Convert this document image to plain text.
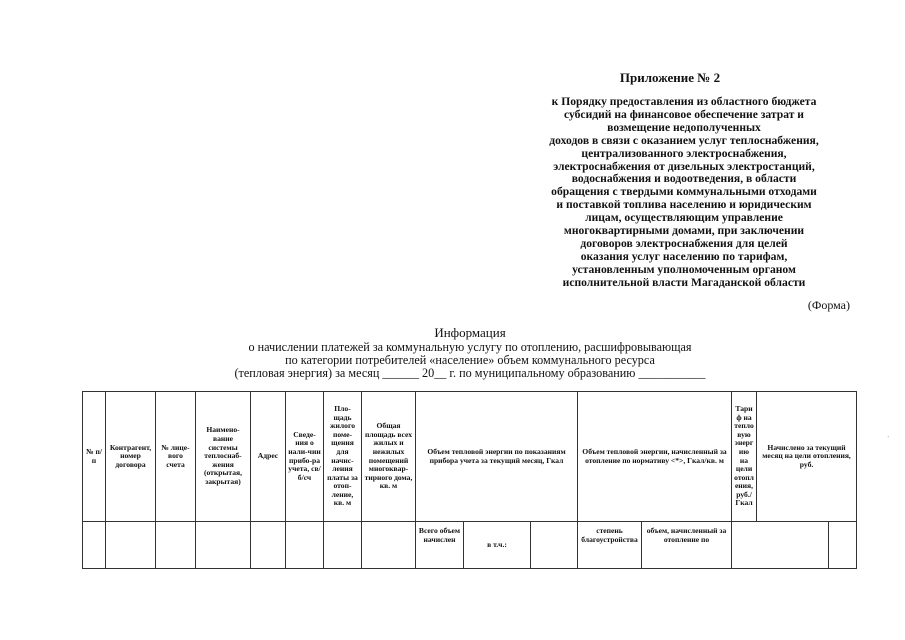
Приложение № 2
к Порядку предоставления из областного бюджета
субсидий на финансовое обеспечение затрат и
возмещение недополученных
доходов в связи с оказанием услуг теплоснабжения,
централизованного электроснабжения,
электроснабжения от дизельных электростанций,
водоснабжения и водоотведения, в области
обращения с твердыми коммунальными отходами
и поставкой топлива населению и юридическим
лицам, осуществляющим управление
многоквартирными домами, при заключении
договоров электроснабжения для целей
оказания услуг населению по тарифам,
установленным уполномоченным органом
исполнительной власти Магаданской области
(Форма)
Информация
о начислении платежей за коммунальную услугу по отоплению, расшифровывающая
по категории потребителей «население» объем коммунального ресурса
(тепловая энергия) за месяц ______ 20__ г. по муниципальному образованию ___________
№ п/п	Контрагент, номер договора	№ лице-вого счета	Наимено-вание системы теплоснаб-жения (открытая, закрытая)	Адрес	Сведе-ния о нали-чии прибо-ра учета, св/б/сч	Пло-щадь жилого поме-щения для начис-ления платы за отоп-ление, кв. м	Общая площадь всех жилых и нежилых помещений многоквар-тирного дома, кв. м	Объем тепловой энергии по показаниям прибора учета за текущий месяц, Гкал			Объем тепловой энергии, начисленный за отопление по нормативу <*>, Гкал/кв. м		Тариф на тепловую энергию на цели отопления, руб./Гкал	Начислено за текущий месяц на цели отопления, руб.	
								Всего объем начислен	в т.ч.:		степень благоустройства	объем, начисленный за отопление по			
¸
